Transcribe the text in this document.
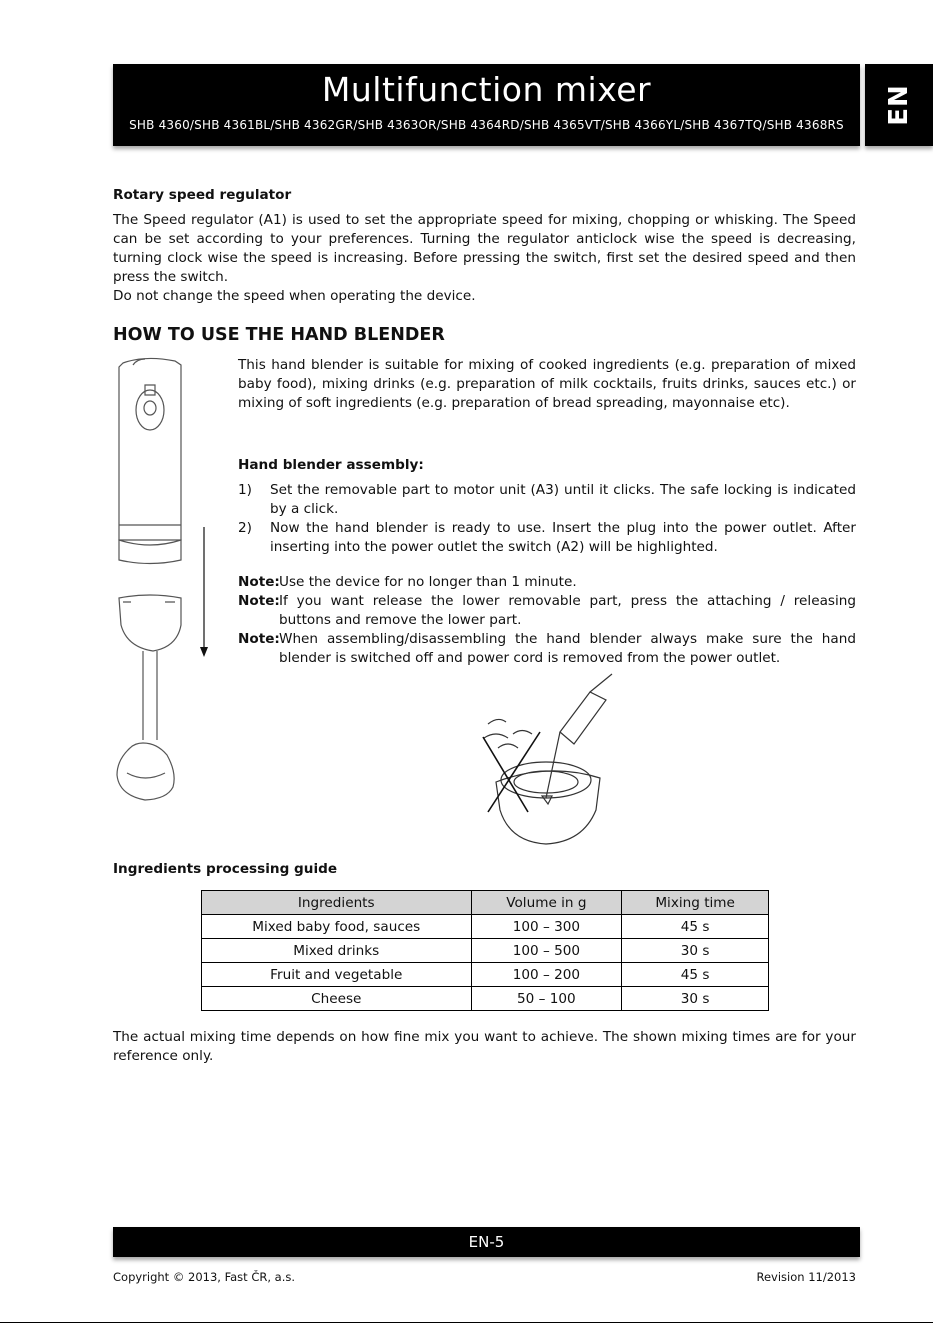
Multifunction mixer
SHB 4360/SHB 4361BL/SHB 4362GR/SHB 4363OR/SHB 4364RD/SHB 4365VT/SHB 4366YL/SHB 4367TQ/SHB 4368RS	EN
Rotary speed regulator
The Speed regulator (A1) is used to set the appropriate speed for mixing, chopping or whisking. The Speed can be set according to your preferences. Turning the regulator anticlock wise the speed is decreasing, turning clock wise the speed is increasing. Before pressing the switch, first set the desired speed and then press the switch.
Do not change the speed when operating the device.
HOW TO USE THE HAND BLENDER
This hand blender is suitable for mixing of cooked ingredients (e.g. preparation of mixed baby food), mixing drinks (e.g. preparation of milk cocktails, fruits drinks, sauces etc.) or mixing of soft ingredients (e.g. preparation of bread spreading, mayonnaise etc).
Hand blender assembly:
1)	Set the removable part to motor unit (A3) until it clicks. The safe locking is indicated by a click.
2)	Now the hand blender is ready to use. Insert the plug into the power outlet. After inserting into the power outlet the switch (A2) will be highlighted.
Note: Use the device for no longer than 1 minute.
Note: If you want release the lower removable part, press the attaching / releasing buttons and remove the lower part.
Note: When assembling/disassembling the hand blender always make sure the hand blender is switched off and power cord is removed from the power outlet.
Ingredients processing guide
Ingredients	Volume in g	Mixing time
Mixed baby food, sauces	100 – 300	45 s
Mixed drinks	100 – 500	30 s
Fruit and vegetable	100 – 200	45 s
Cheese	50 – 100	30 s
The actual mixing time depends on how fine mix you want to achieve. The shown mixing times are for your reference only.
EN-5
Copyright © 2013, Fast ČR, a.s.	Revision 11/2013
